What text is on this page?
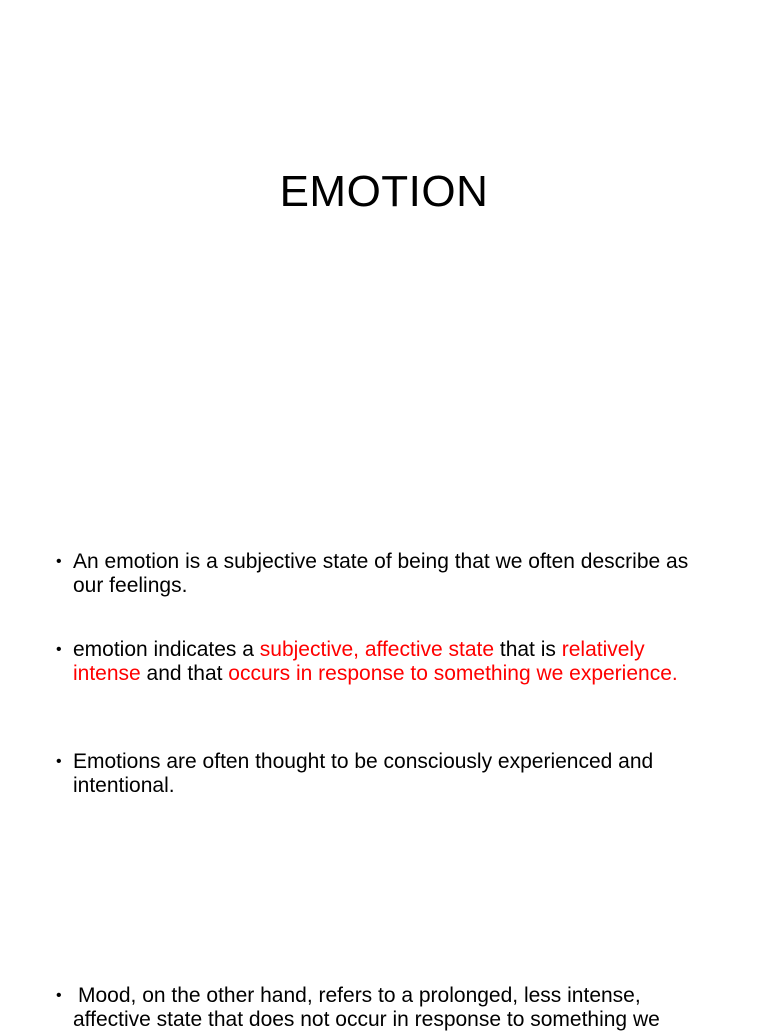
EMOTION
• An emotion is a subjective state of being that we often describe as our feelings.
• emotion indicates a subjective, affective state that is relatively intense and that occurs in response to something we experience.
• Emotions are often thought to be consciously experienced and intentional.
• Mood, on the other hand, refers to a prolonged, less intense, affective state that does not occur in response to something we
